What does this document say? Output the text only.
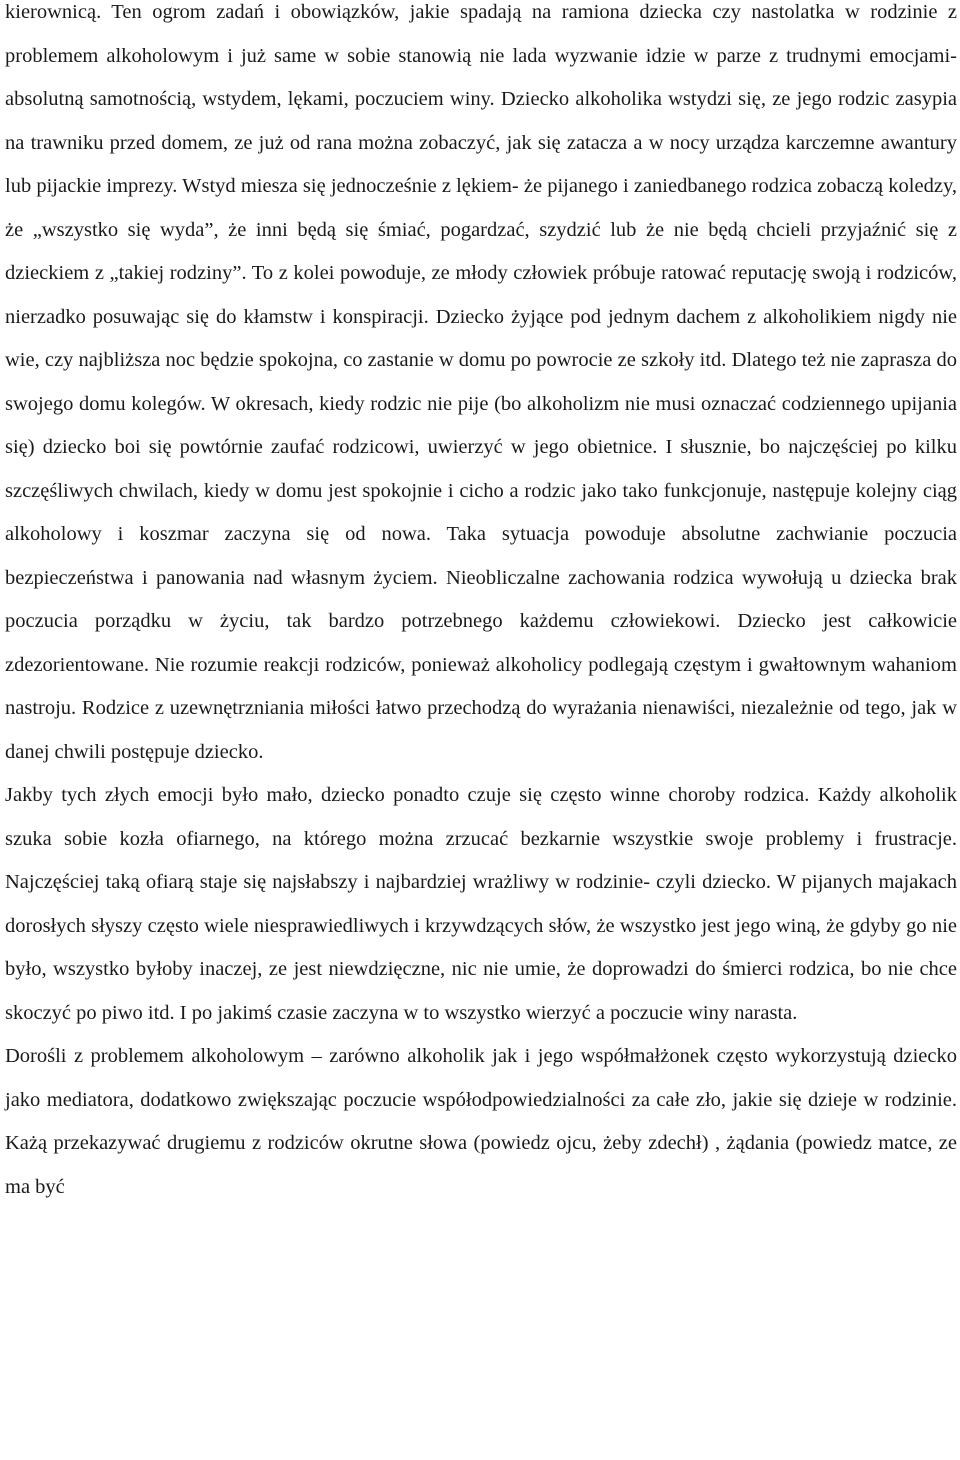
kierownicą. Ten ogrom zadań i obowiązków, jakie spadają na ramiona dziecka czy nastolatka w rodzinie z problemem alkoholowym i już same w sobie stanowią nie lada wyzwanie idzie w parze z trudnymi emocjami- absolutną samotnością, wstydem, lękami, poczuciem winy. Dziecko alkoholika wstydzi się, ze jego rodzic zasypia na trawniku przed domem, ze już od rana można zobaczyć, jak się zatacza a w nocy urządza karczemne awantury lub pijackie imprezy. Wstyd miesza się jednocześnie z lękiem- że pijanego i zaniedbanego rodzica zobaczą koledzy, że „wszystko się wyda”, że inni będą się śmiać, pogardzać, szydzić lub że nie będą chcieli przyjaźnić się z dzieckiem z „takiej rodziny”. To z kolei powoduje, ze młody człowiek próbuje ratować reputację swoją i rodziców, nierzadko posuwając się do kłamstw i konspiracji. Dziecko żyjące pod jednym dachem z alkoholikiem nigdy nie wie, czy najbliższa noc będzie spokojna, co zastanie w domu po powrocie ze szkoły itd. Dlatego też nie zaprasza do swojego domu kolegów. W okresach, kiedy rodzic nie pije (bo alkoholizm nie musi oznaczać codziennego upijania się) dziecko boi się powtórnie zaufać rodzicowi, uwierzyć w jego obietnice. I słusznie, bo najczęściej po kilku szczęśliwych chwilach, kiedy w domu jest spokojnie i cicho a rodzic jako tako funkcjonuje, następuje kolejny ciąg alkoholowy i koszmar zaczyna się od nowa. Taka sytuacja powoduje absolutne zachwianie poczucia bezpieczeństwa i panowania nad własnym życiem. Nieobliczalne zachowania rodzica wywołują u dziecka brak poczucia porządku w życiu, tak bardzo potrzebnego każdemu człowiekowi. Dziecko jest całkowicie zdezorientowane. Nie rozumie reakcji rodziców, ponieważ alkoholicy podlegają częstym i gwałtownym wahaniom nastroju. Rodzice z uzewnętrzniania miłości łatwo przechodzą do wyrażania nienawiści, niezależnie od tego, jak w danej chwili postępuje dziecko.

Jakby tych złych emocji było mało, dziecko ponadto czuje się często winne choroby rodzica. Każdy alkoholik szuka sobie kozła ofiarnego, na którego można zrzucać bezkarnie wszystkie swoje problemy i frustracje. Najczęściej taką ofiarą staje się najsłabszy i najbardziej wrażliwy w rodzinie- czyli dziecko. W pijanych majakach dorosłych słyszy często wiele niesprawiedliwych i krzywdzących słów, że wszystko jest jego winą, że gdyby go nie było, wszystko byłoby inaczej, ze jest niewdzięczne, nic nie umie, że doprowadzi do śmierci rodzica, bo nie chce skoczyć po piwo itd. I po jakimś czasie zaczyna w to wszystko wierzyć a poczucie winy narasta.

Dorośli z problemem alkoholowym – zarówno alkoholik jak i jego współmałżonek często wykorzystują dziecko jako mediatora, dodatkowo zwiększając poczucie współodpowiedzialności za całe zło, jakie się dzieje w rodzinie. Każą przekazywać drugiemu z rodziców okrutne słowa (powiedz ojcu, żeby zdechł) , żądania (powiedz matce, ze ma być
